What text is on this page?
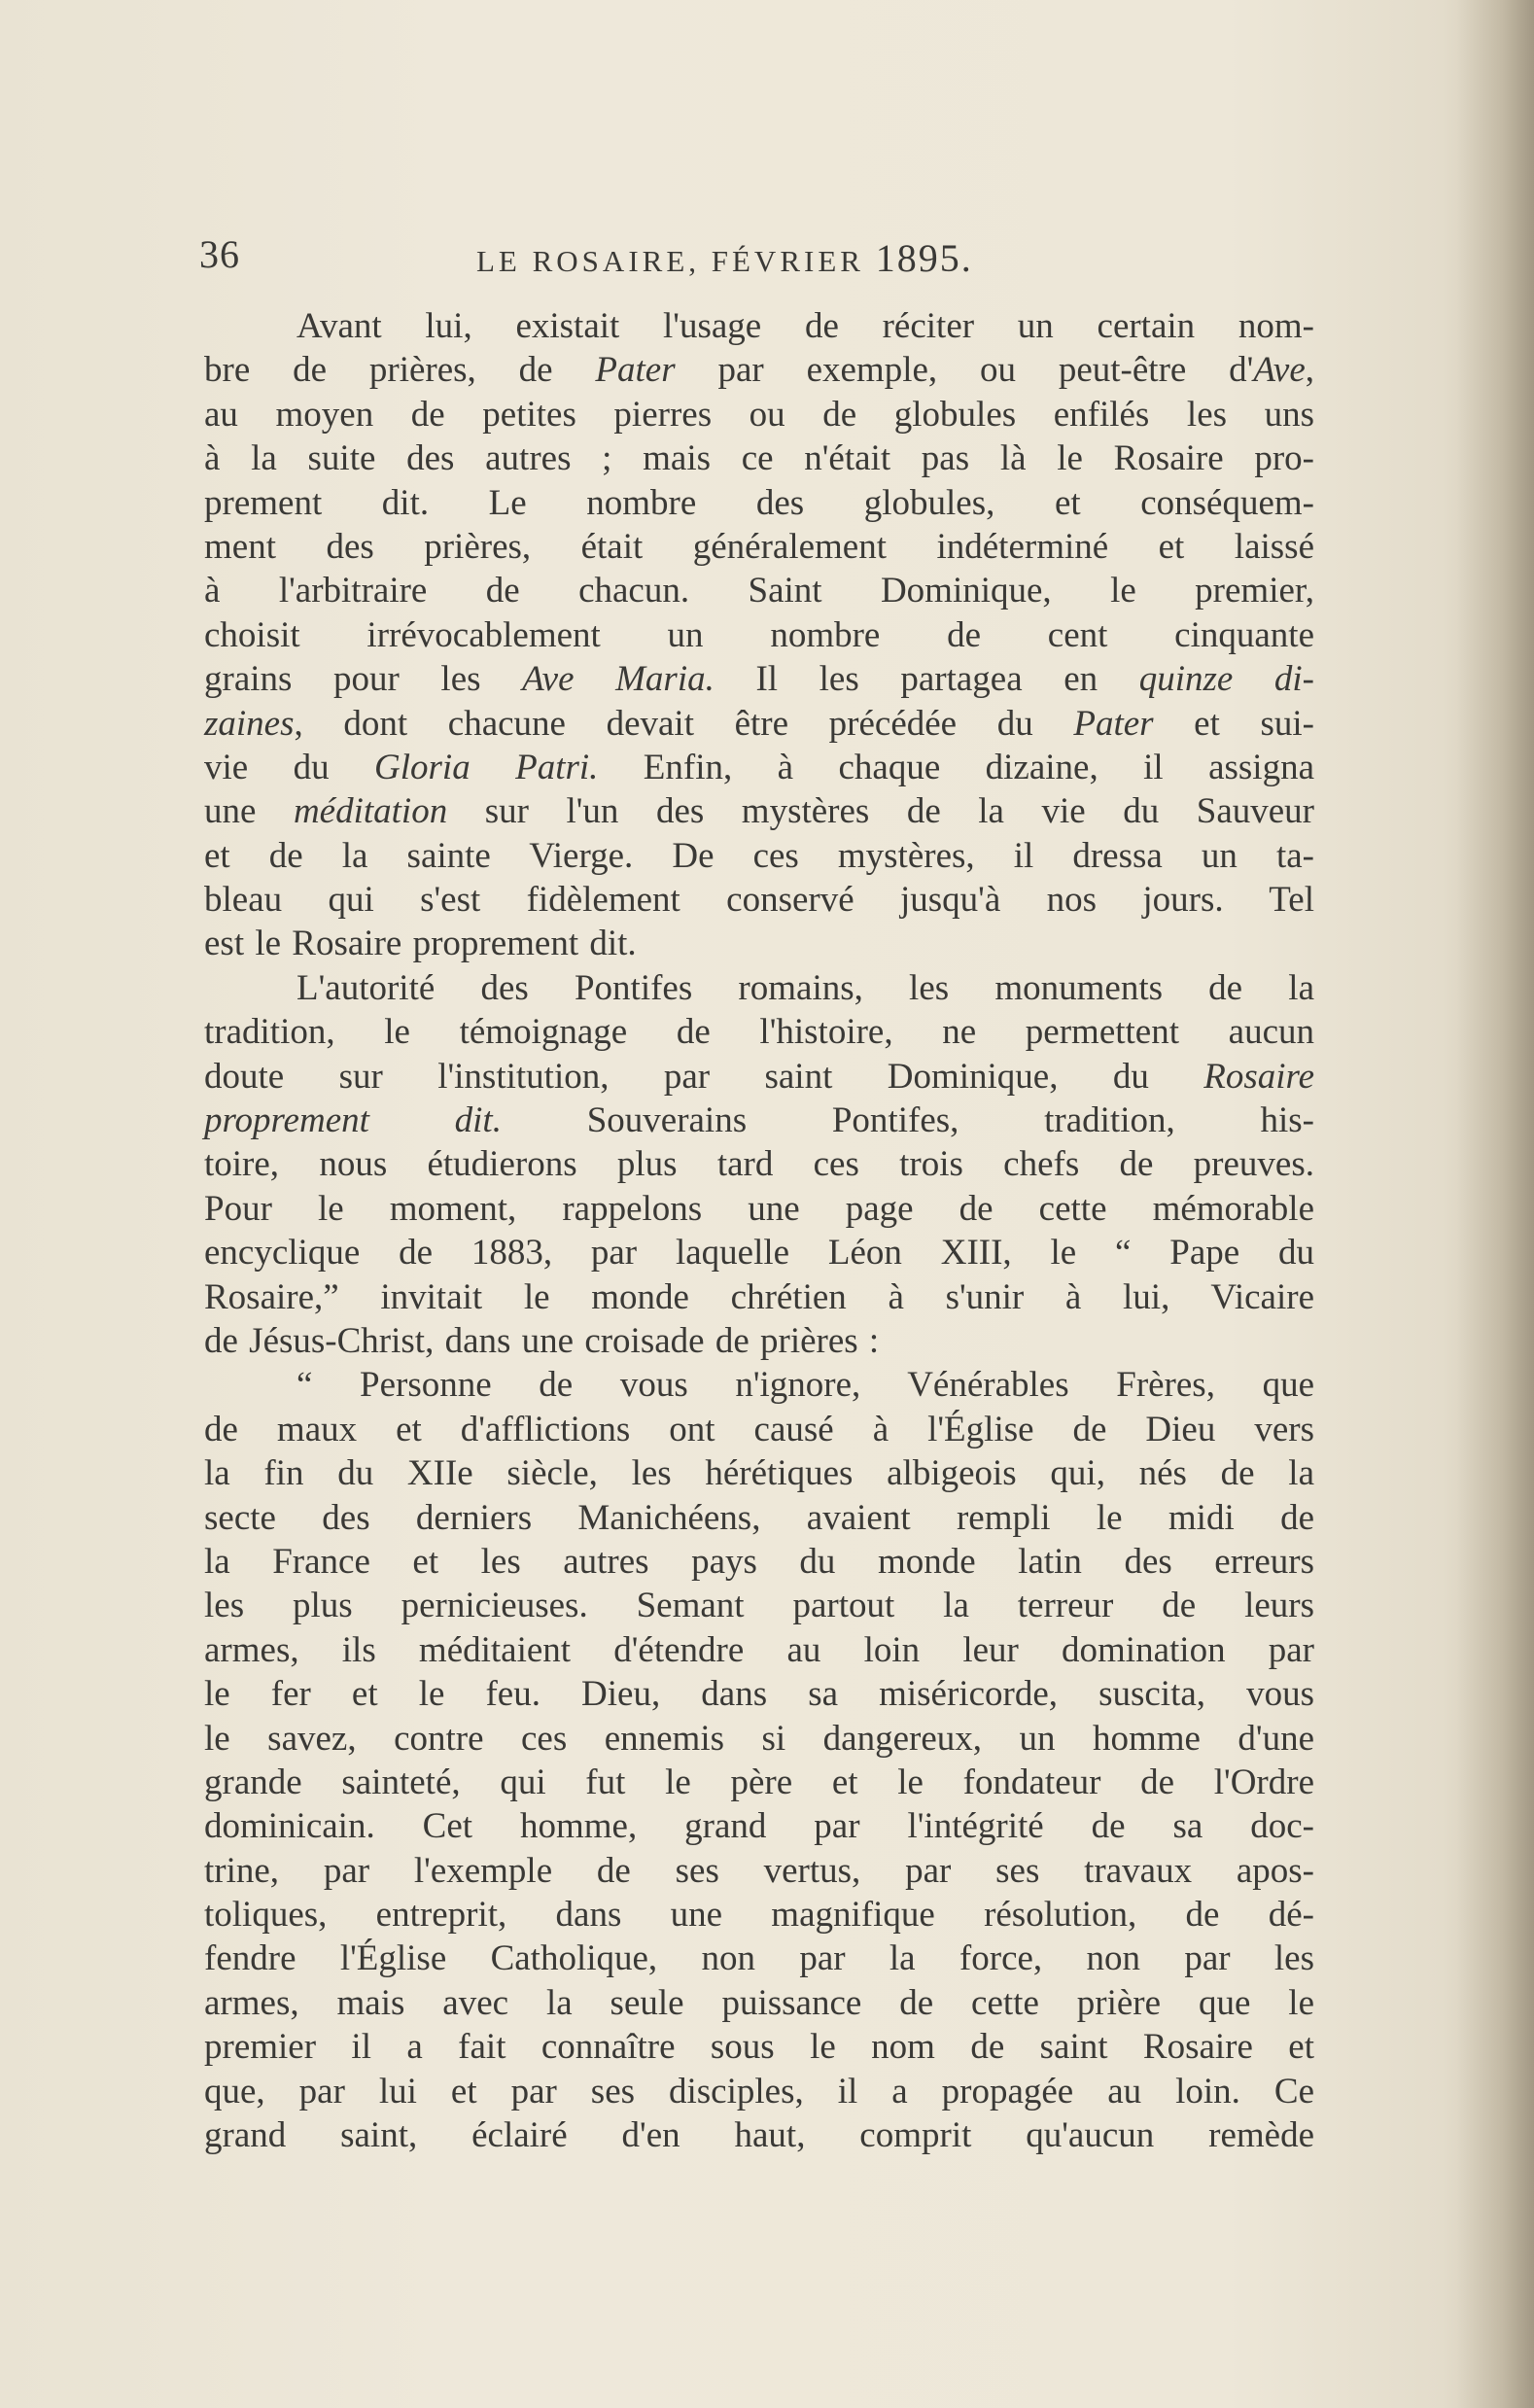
36	LE ROSAIRE, FÉVRIER 1895.
Avant lui, existait l'usage de réciter un certain nom-
bre de prières, de Pater par exemple, ou peut-être d'Ave,
au moyen de petites pierres ou de globules enfilés les uns
à la suite des autres ; mais ce n'était pas là le Rosaire pro-
prement dit. Le nombre des globules, et conséquem-
ment des prières, était généralement indéterminé et laissé
à l'arbitraire de chacun. Saint Dominique, le premier,
choisit irrévocablement un nombre de cent cinquante
grains pour les Ave Maria. Il les partagea en quinze di-
zaines, dont chacune devait être précédée du Pater et sui-
vie du Gloria Patri. Enfin, à chaque dizaine, il assigna
une méditation sur l'un des mystères de la vie du Sauveur
et de la sainte Vierge. De ces mystères, il dressa un ta-
bleau qui s'est fidèlement conservé jusqu'à nos jours. Tel
est le Rosaire proprement dit.
L'autorité des Pontifes romains, les monuments de la
tradition, le témoignage de l'histoire, ne permettent aucun
doute sur l'institution, par saint Dominique, du Rosaire
proprement dit. Souverains Pontifes, tradition, his-
toire, nous étudierons plus tard ces trois chefs de preuves.
Pour le moment, rappelons une page de cette mémorable
encyclique de 1883, par laquelle Léon XIII, le “ Pape du
Rosaire,” invitait le monde chrétien à s'unir à lui, Vicaire
de Jésus-Christ, dans une croisade de prières :
“ Personne de vous n'ignore, Vénérables Frères, que
de maux et d'afflictions ont causé à l'Église de Dieu vers
la fin du XIIe siècle, les hérétiques albigeois qui, nés de la
secte des derniers Manichéens, avaient rempli le midi de
la France et les autres pays du monde latin des erreurs
les plus pernicieuses. Semant partout la terreur de leurs
armes, ils méditaient d'étendre au loin leur domination par
le fer et le feu. Dieu, dans sa miséricorde, suscita, vous
le savez, contre ces ennemis si dangereux, un homme d'une
grande sainteté, qui fut le père et le fondateur de l'Ordre
dominicain. Cet homme, grand par l'intégrité de sa doc-
trine, par l'exemple de ses vertus, par ses travaux apos-
toliques, entreprit, dans une magnifique résolution, de dé-
fendre l'Église Catholique, non par la force, non par les
armes, mais avec la seule puissance de cette prière que le
premier il a fait connaître sous le nom de saint Rosaire et
que, par lui et par ses disciples, il a propagée au loin. Ce
grand saint, éclairé d'en haut, comprit qu'aucun remède
